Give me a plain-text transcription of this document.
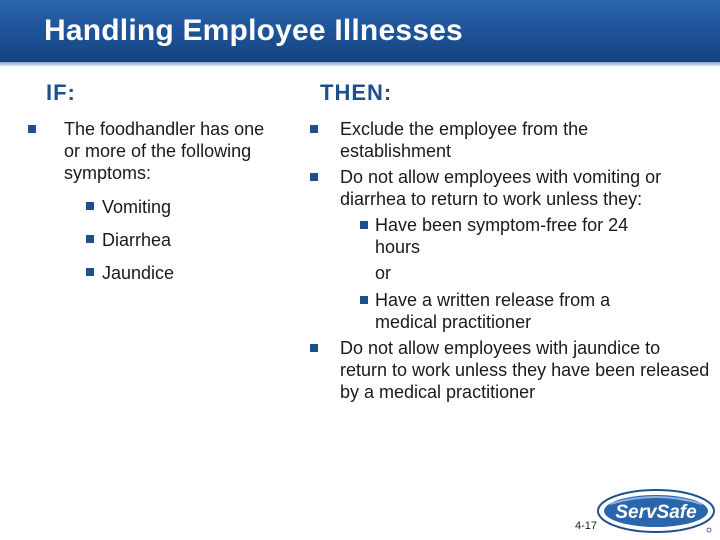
Handling Employee Illnesses
IF:	THEN:
The foodhandler has one or more of the following symptoms:
Vomiting
Diarrhea
Jaundice
Exclude the employee from the establishment
Do not allow employees with vomiting or diarrhea to return to work unless they:
Have been symptom-free for 24 hours
or
Have a written release from a medical practitioner
Do not allow employees with jaundice to return to work unless they have been released by a medical practitioner
ServSafe
4-17
